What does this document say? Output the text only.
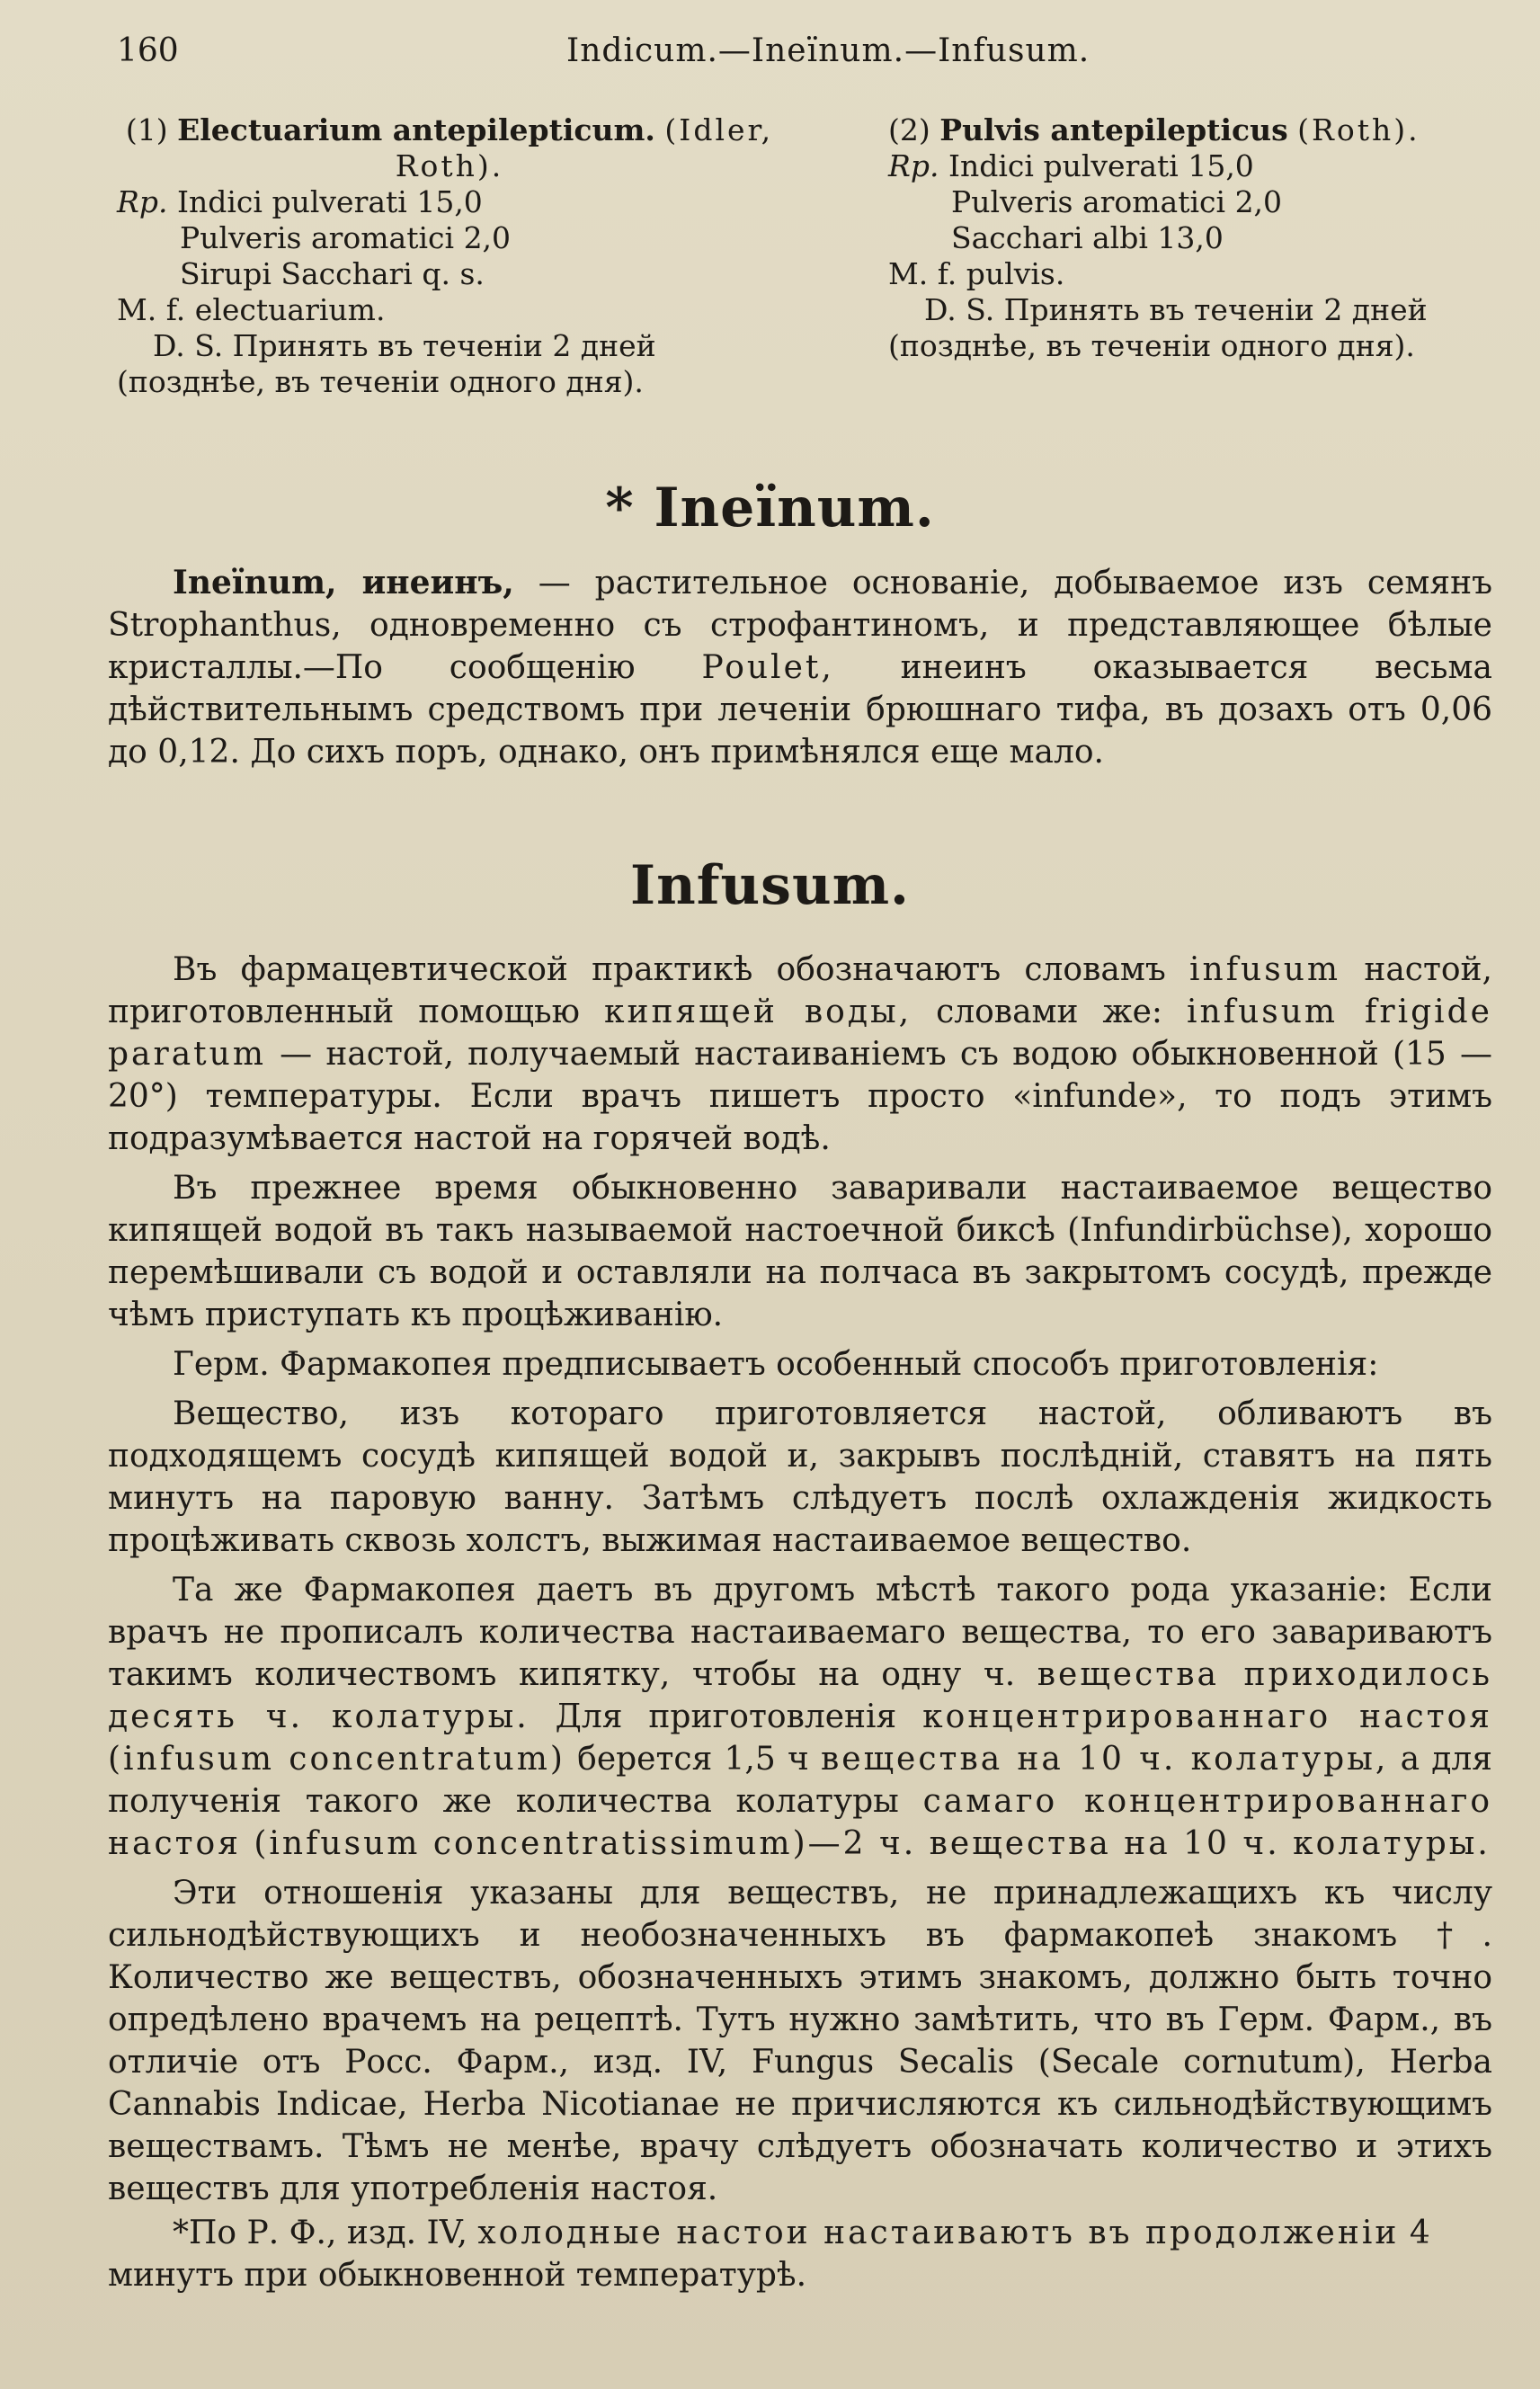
160	Indicum.—Ineïnum.—Infusum.

(1) Electuarium antepilepticum. (Idler, Roth).

Rp. Indici pulverati 15,0

Pulveris aromatici 2,0

Sirupi Sacchari q. s.

M. f. electuarium.

D. S. Принять въ теченіи 2 дней (позднѣе, въ теченіи одного дня).

(2) Pulvis antepilepticus (Roth).

Rp. Indici pulverati 15,0

Pulveris aromatici 2,0

Sacchari albi 13,0

M. f. pulvis.

D. S. Принять въ теченіи 2 дней (позднѣе, въ теченіи одного дня).

* Ineïnum.

Ineïnum, инеинъ, — растительное основаніе, добываемое изъ семянъ Strophanthus, одновременно съ строфантиномъ, и представляющее бѣлые кристаллы.—По сообщенію Poulet, инеинъ оказывается весьма дѣйствительнымъ средствомъ при леченіи брюшнаго тифа, въ дозахъ отъ 0,06 до 0,12. До сихъ поръ, однако, онъ примѣнялся еще мало.

Infusum.

Въ фармацевтической практикѣ обозначаютъ словамъ infusum настой, приготовленный помощью кипящей воды, словами же: infusum frigide paratum — настой, получаемый настаиваніемъ съ водою обыкновенной (15 — 20°) температуры. Если врачъ пишетъ просто «infunde», то подъ этимъ подразумѣвается настой на горячей водѣ.

Въ прежнее время обыкновенно заваривали настаиваемое вещество кипящей водой въ такъ называемой настоечной биксѣ (Infundirbüchse), хорошо перемѣшивали съ водой и оставляли на полчаса въ закрытомъ сосудѣ, прежде чѣмъ приступать къ процѣживанію.

Герм. Фармакопея предписываетъ особенный способъ приготовленія:

Вещество, изъ котораго приготовляется настой, обливаютъ въ подходящемъ сосудѣ кипящей водой и, закрывъ послѣдній, ставятъ на пять минутъ на паровую ванну. Затѣмъ слѣдуетъ послѣ охлажденія жидкость процѣживать сквозь холстъ, выжимая настаиваемое вещество.

Та же Фармакопея даетъ въ другомъ мѣстѣ такого рода указаніе: Если врачъ не прописалъ количества настаиваемаго вещества, то его завариваютъ такимъ количествомъ кипятку, чтобы на одну ч. вещества приходилось десять ч. колатуры. Для приготовленія концентрированнаго настоя (infusum concentratum) берется 1,5 ч вещества на 10 ч. колатуры, а для полученія такого же количества колатуры самаго концентрированнаго настоя (infusum concentratissimum)—2 ч. вещества на 10 ч. колатуры.

Эти отношенія указаны для веществъ, не принадлежащихъ къ числу сильнодѣйствующихъ и необозначенныхъ въ фармакопеѣ знакомъ †. Количество же веществъ, обозначенныхъ этимъ знакомъ, должно быть точно опредѣлено врачемъ на рецептѣ. Тутъ нужно замѣтить, что въ Герм. Фарм., въ отличіе отъ Росс. Фарм., изд. IV, Fungus Secalis (Secale cornutum), Herba Cannabis Indicae, Herba Nicotianae не причисляются къ сильнодѣйствующимъ веществамъ. Тѣмъ не менѣе, врачу слѣдуетъ обозначать количество и этихъ веществъ для употребленія настоя.

*По Р. Ф., изд. IV, холодные настои настаиваютъ въ продолженіи 4 минутъ при обыкновенной температурѣ.
